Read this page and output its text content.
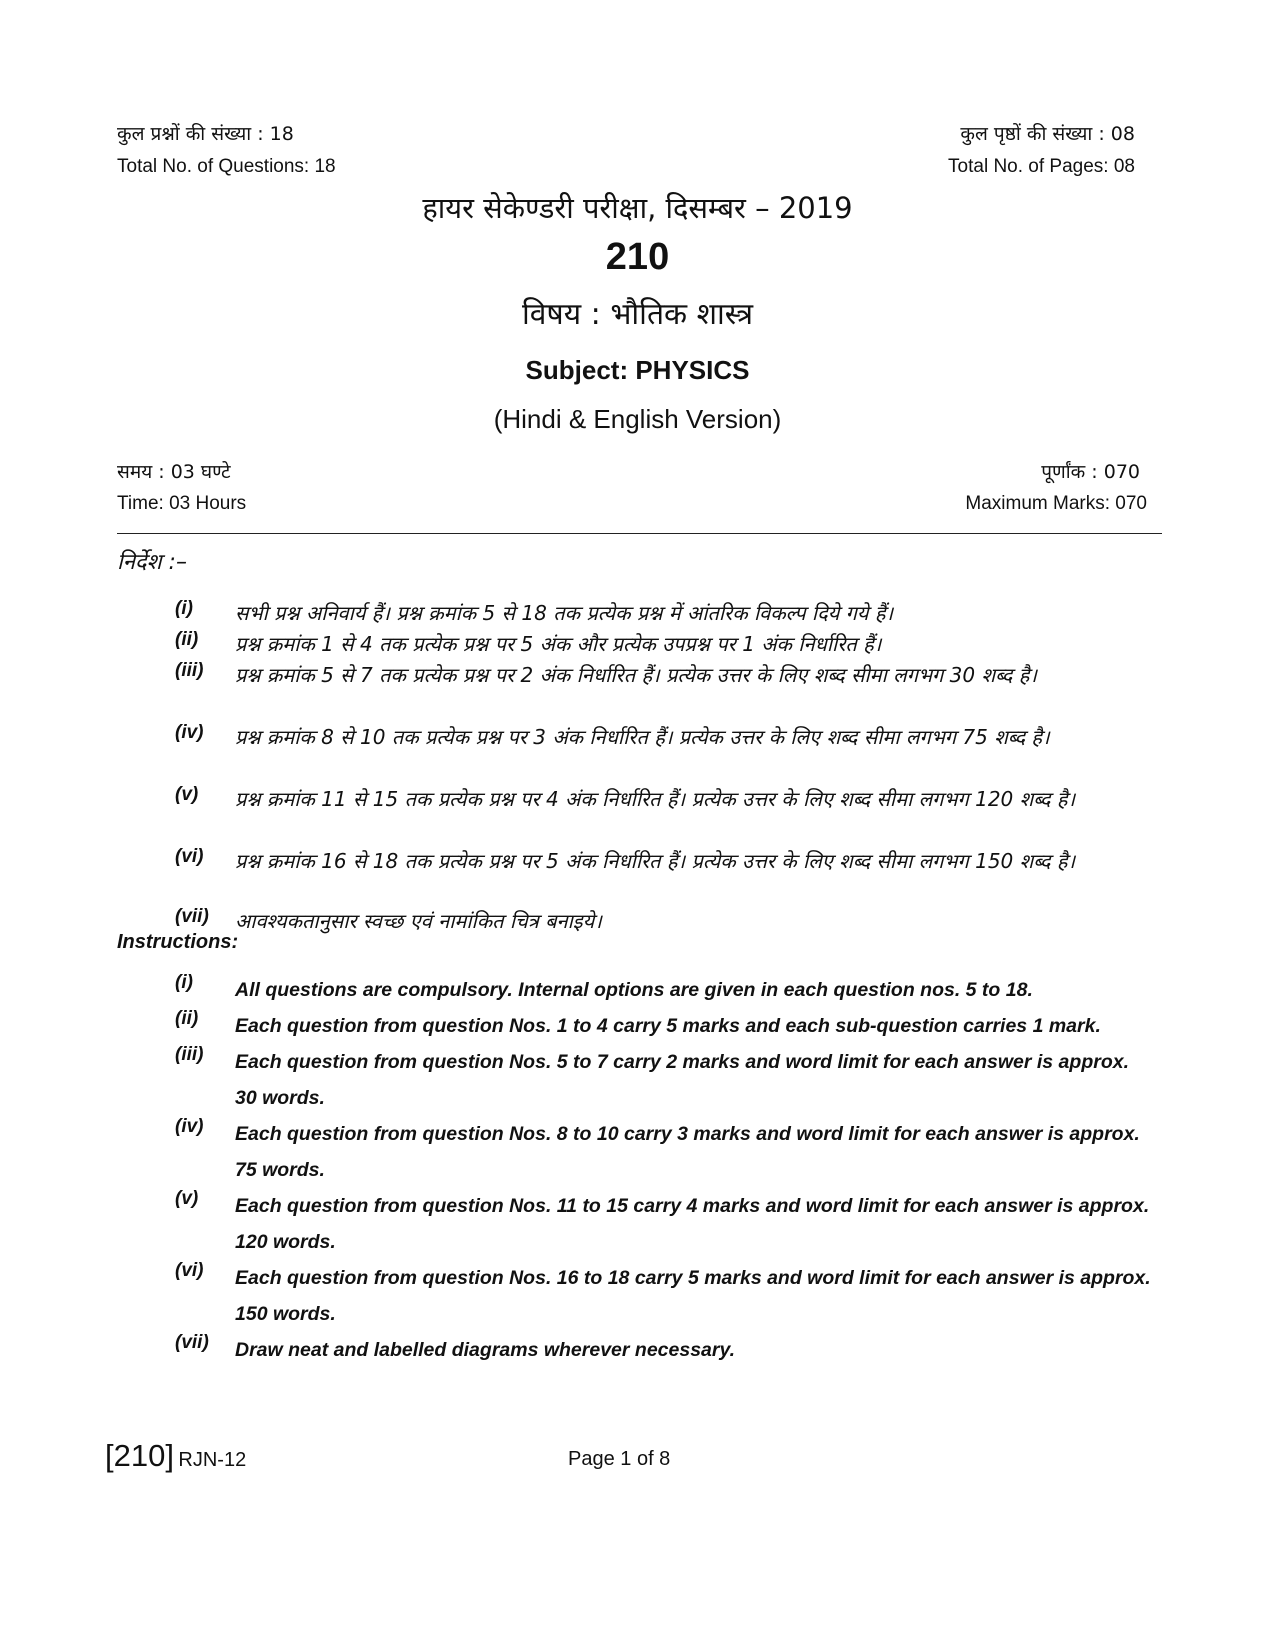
कुल प्रश्नों की संख्या : 18
Total No. of Questions: 18
कुल पृष्ठों की संख्या : 08
Total No. of Pages: 08
हायर सेकेण्डरी परीक्षा, दिसम्बर – 2019
210
विषय : भौतिक शास्त्र
Subject: PHYSICS
(Hindi & English Version)
समय : 03 घण्टे
Time: 03 Hours
पूर्णांक : 070
Maximum Marks: 070
निर्देश :–
(i) सभी प्रश्न अनिवार्य हैं। प्रश्न क्रमांक 5 से 18 तक प्रत्येक प्रश्न में आंतरिक विकल्प दिये गये हैं।
(ii) प्रश्न क्रमांक 1 से 4 तक प्रत्येक प्रश्न पर 5 अंक और प्रत्येक उपप्रश्न पर 1 अंक निर्धारित हैं।
(iii) प्रश्न क्रमांक 5 से 7 तक प्रत्येक प्रश्न पर 2 अंक निर्धारित हैं। प्रत्येक उत्तर के लिए शब्द सीमा लगभग 30 शब्द है।
(iv) प्रश्न क्रमांक 8 से 10 तक प्रत्येक प्रश्न पर 3 अंक निर्धारित हैं। प्रत्येक उत्तर के लिए शब्द सीमा लगभग 75 शब्द है।
(v) प्रश्न क्रमांक 11 से 15 तक प्रत्येक प्रश्न पर 4 अंक निर्धारित हैं। प्रत्येक उत्तर के लिए शब्द सीमा लगभग 120 शब्द है।
(vi) प्रश्न क्रमांक 16 से 18 तक प्रत्येक प्रश्न पर 5 अंक निर्धारित हैं। प्रत्येक उत्तर के लिए शब्द सीमा लगभग 150 शब्द है।
(vii) आवश्यकतानुसार स्वच्छ एवं नामांकित चित्र बनाइये।
Instructions:
(i) All questions are compulsory. Internal options are given in each question nos. 5 to 18.
(ii) Each question from question Nos. 1 to 4 carry 5 marks and each sub-question carries 1 mark.
(iii) Each question from question Nos. 5 to 7 carry 2 marks and word limit for each answer is approx. 30 words.
(iv) Each question from question Nos. 8 to 10 carry 3 marks and word limit for each answer is approx. 75 words.
(v) Each question from question Nos. 11 to 15 carry 4 marks and word limit for each answer is approx. 120 words.
(vi) Each question from question Nos. 16 to 18 carry 5 marks and word limit for each answer is approx. 150 words.
(vii) Draw neat and labelled diagrams wherever necessary.
[210] RJN-12	Page 1 of 8
